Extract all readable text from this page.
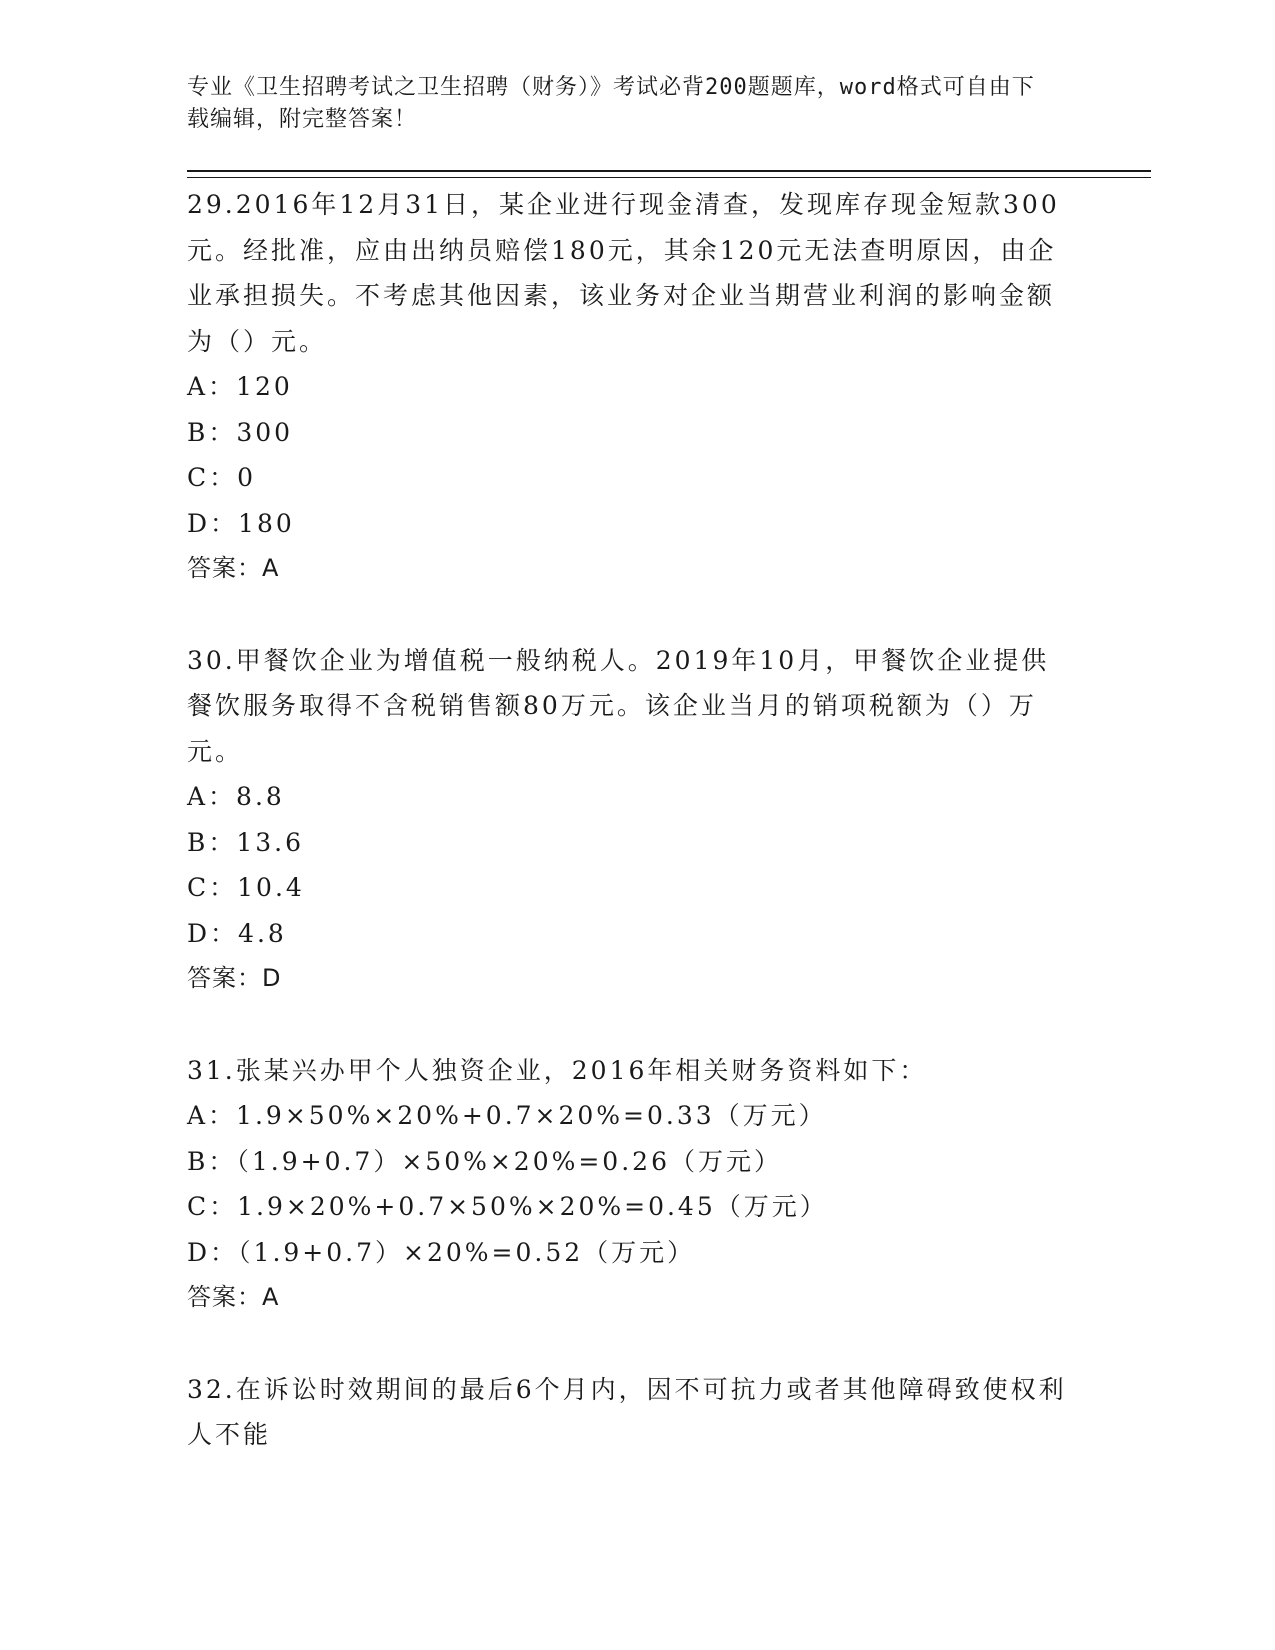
专业《卫生招聘考试之卫生招聘（财务）》考试必背200题题库，word格式可自由下载编辑，附完整答案！
29.2016年12月31日，某企业进行现金清查，发现库存现金短款300元。经批准，应由出纳员赔偿180元，其余120元无法查明原因，由企业承担损失。不考虑其他因素，该业务对企业当期营业利润的影响金额为（）元。
A：120
B：300
C：0
D：180
答案：A
30.甲餐饮企业为增值税一般纳税人。2019年10月，甲餐饮企业提供餐饮服务取得不含税销售额80万元。该企业当月的销项税额为（）万元。
A：8.8
B：13.6
C：10.4
D：4.8
答案：D
31.张某兴办甲个人独资企业，2016年相关财务资料如下：
A：1.9×50%×20%+0.7×20%=0.33（万元）
B：（1.9+0.7）×50%×20%=0.26（万元）
C：1.9×20%+0.7×50%×20%=0.45（万元）
D：（1.9+0.7）×20%=0.52（万元）
答案：A
32.在诉讼时效期间的最后6个月内，因不可抗力或者其他障碍致使权利人不能
